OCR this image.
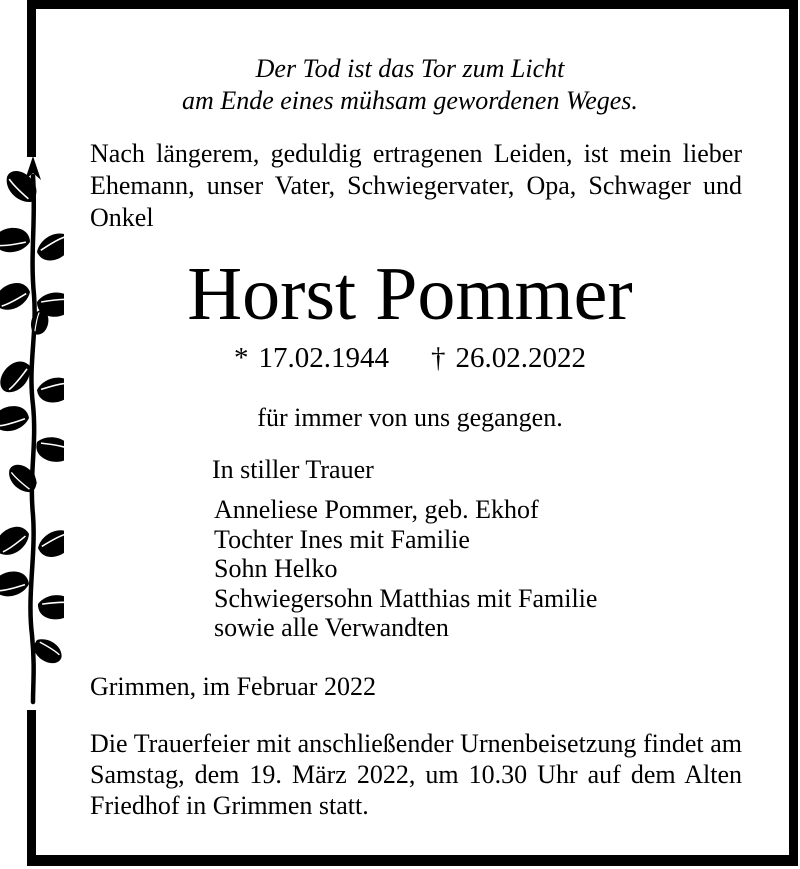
Der Tod ist das Tor zum Licht
am Ende eines mühsam gewordenen Weges.

Nach längerem, geduldig ertragenen Leiden, ist mein lieber Ehemann, unser Vater, Schwiegervater, Opa, Schwager und Onkel

Horst Pommer
* 17.02.1944 † 26.02.2022

für immer von uns gegangen.

In stiller Trauer

Anneliese Pommer, geb. Ekhof

Tochter Ines mit Familie

Sohn Helko

Schwiegersohn Matthias mit Familie

sowie alle Verwandten

Grimmen, im Februar 2022

Die Trauerfeier mit anschließender Urnenbeisetzung findet am Samstag, dem 19. März 2022, um 10.30 Uhr auf dem Alten Friedhof in Grimmen statt.
